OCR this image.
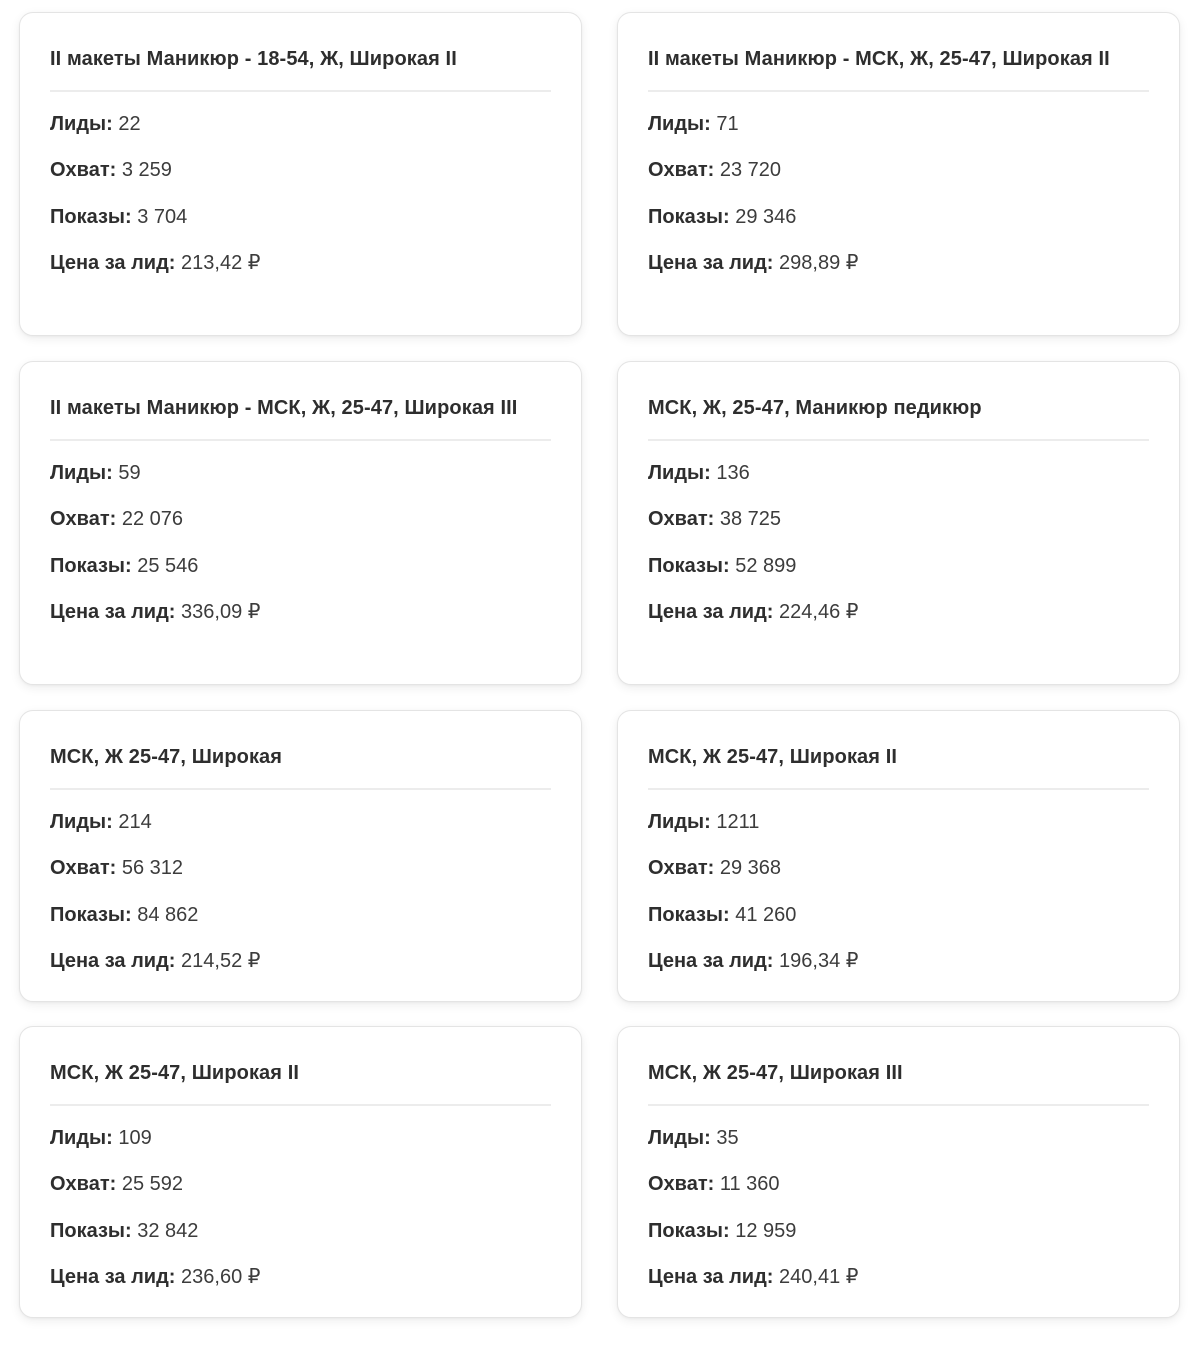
II макеты Маникюр - 18-54, Ж, Широкая II
Лиды: 22
Охват: 3 259
Показы: 3 704
Цена за лид: 213,42 ₽
II макеты Маникюр - МСК, Ж, 25-47, Широкая II
Лиды: 71
Охват: 23 720
Показы: 29 346
Цена за лид: 298,89 ₽
II макеты Маникюр - МСК, Ж, 25-47, Широкая III
Лиды: 59
Охват: 22 076
Показы: 25 546
Цена за лид: 336,09 ₽
МСК, Ж, 25-47, Маникюр педикюр
Лиды: 136
Охват: 38 725
Показы: 52 899
Цена за лид: 224,46 ₽
МСК, Ж 25-47, Широкая
Лиды: 214
Охват: 56 312
Показы: 84 862
Цена за лид: 214,52 ₽
МСК, Ж 25-47, Широкая II
Лиды: 1211
Охват: 29 368
Показы: 41 260
Цена за лид: 196,34 ₽
МСК, Ж 25-47, Широкая II
Лиды: 109
Охват: 25 592
Показы: 32 842
Цена за лид: 236,60 ₽
МСК, Ж 25-47, Широкая III
Лиды: 35
Охват: 11 360
Показы: 12 959
Цена за лид: 240,41 ₽
